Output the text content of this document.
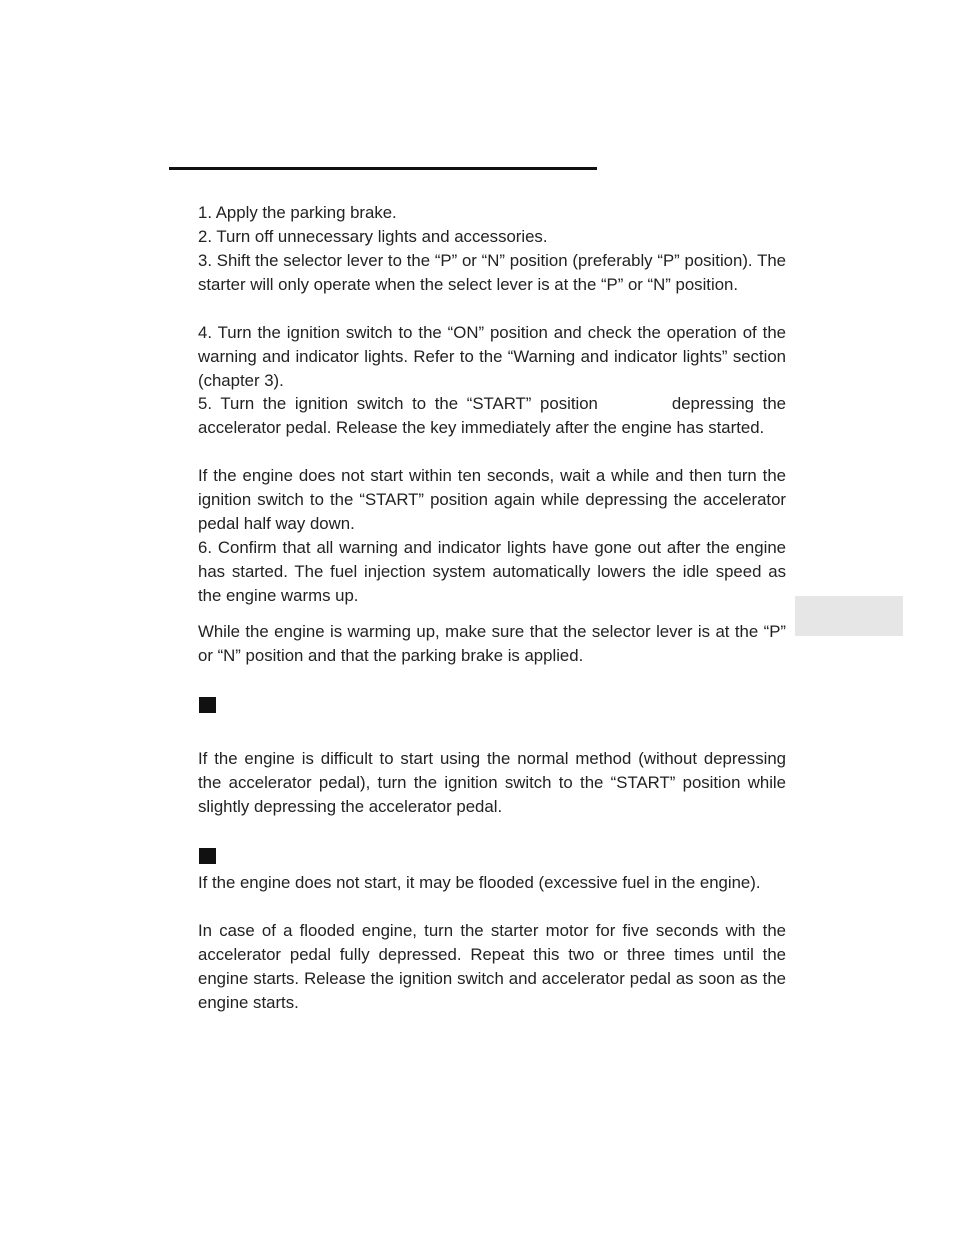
1. Apply the parking brake.

2. Turn off unnecessary lights and accessories.

3. Shift the selector lever to the “P” or “N” position (preferably “P” position). The starter will only operate when the select lever is at the “P” or “N” position.

4. Turn the ignition switch to the “ON” position and check the operation of the warning and indicator lights. Refer to the “Warning and indicator lights” section (chapter 3).

5. Turn the ignition switch to the “START” position	depressing the accelerator pedal. Release the key immediately after the engine has started.

If the engine does not start within ten seconds, wait a while and then turn the ignition switch to the “START” position again while depressing the accelerator pedal half way down.

6. Confirm that all warning and indicator lights have gone out after the engine has started. The fuel injection system automatically lowers the idle speed as the engine warms up.

While the engine is warming up, make sure that the selector lever is at the “P” or “N” position and that the parking brake is applied.

If the engine is difficult to start using the normal method (without depressing the accelerator pedal), turn the ignition switch to the “START” position while slightly depressing the accelerator pedal.

If the engine does not start, it may be flooded (excessive fuel in the engine).

In case of a flooded engine, turn the starter motor for five seconds with the accelerator pedal fully depressed. Repeat this two or three times until the engine starts. Release the ignition switch and accelerator pedal as soon as the engine starts.
